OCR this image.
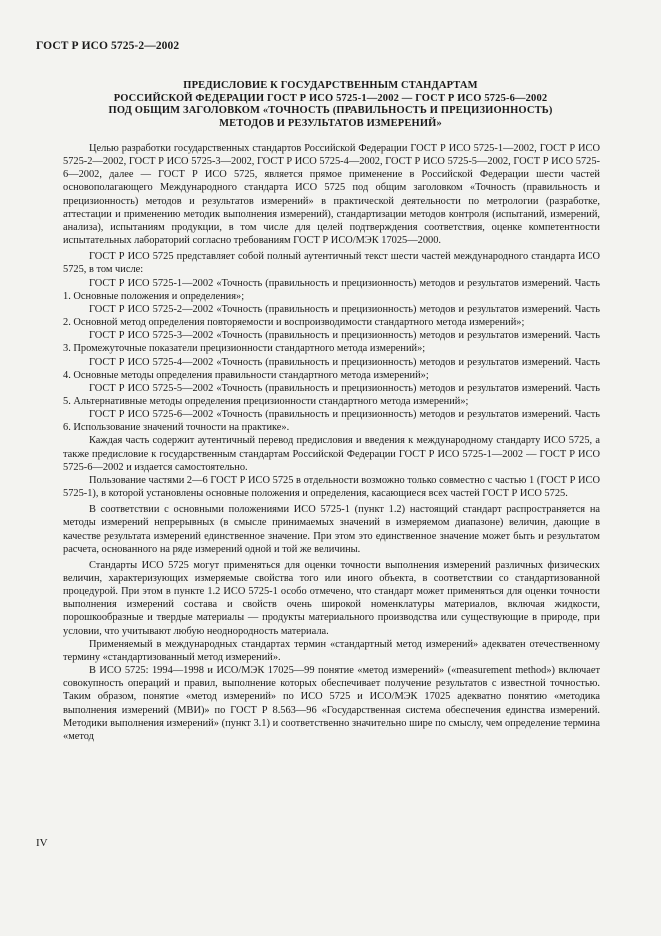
ГОСТ Р ИСО 5725-2—2002
ПРЕДИСЛОВИЕ К ГОСУДАРСТВЕННЫМ СТАНДАРТАМ
РОССИЙСКОЙ ФЕДЕРАЦИИ ГОСТ Р ИСО 5725-1—2002 — ГОСТ Р ИСО 5725-6—2002
ПОД ОБЩИМ ЗАГОЛОВКОМ «ТОЧНОСТЬ (ПРАВИЛЬНОСТЬ И ПРЕЦИЗИОННОСТЬ)
МЕТОДОВ И РЕЗУЛЬТАТОВ ИЗМЕРЕНИЙ»

Целью разработки государственных стандартов Российской Федерации ГОСТ Р ИСО 5725-1—2002, ГОСТ Р ИСО 5725-2—2002, ГОСТ Р ИСО 5725-3—2002, ГОСТ Р ИСО 5725-4—2002, ГОСТ Р ИСО 5725-5—2002, ГОСТ Р ИСО 5725-6—2002, далее — ГОСТ Р ИСО 5725, является прямое применение в Российской Федерации шести частей основополагающего Международного стандарта ИСО 5725 под общим заголовком «Точность (правильность и прецизионность) методов и результатов измерений» в практической деятельности по метрологии (разработке, аттестации и применению методик выполнения измерений), стандартизации методов контроля (испытаний, измерений, анализа), испытаниям продукции, в том числе для целей подтверждения соответствия, оценке компетентности испытательных лабораторий согласно требованиям ГОСТ Р ИСО/МЭК 17025—2000.

ГОСТ Р ИСО 5725 представляет собой полный аутентичный текст шести частей международного стандарта ИСО 5725, в том числе:

ГОСТ Р ИСО 5725-1—2002 «Точность (правильность и прецизионность) методов и результатов измерений. Часть 1. Основные положения и определения»;

ГОСТ Р ИСО 5725-2—2002 «Точность (правильность и прецизионность) методов и результатов измерений. Часть 2. Основной метод определения повторяемости и воспроизводимости стандартного метода измерений»;

ГОСТ Р ИСО 5725-3—2002 «Точность (правильность и прецизионность) методов и результатов измерений. Часть 3. Промежуточные показатели прецизионности стандартного метода измерений»;

ГОСТ Р ИСО 5725-4—2002 «Точность (правильность и прецизионность) методов и результатов измерений. Часть 4. Основные методы определения правильности стандартного метода измерений»;

ГОСТ Р ИСО 5725-5—2002 «Точность (правильность и прецизионность) методов и результатов измерений. Часть 5. Альтернативные методы определения прецизионности стандартного метода измерений»;

ГОСТ Р ИСО 5725-6—2002 «Точность (правильность и прецизионность) методов и результатов измерений. Часть 6. Использование значений точности на практике».

Каждая часть содержит аутентичный перевод предисловия и введения к международному стандарту ИСО 5725, а также предисловие к государственным стандартам Российской Федерации ГОСТ Р ИСО 5725-1—2002 — ГОСТ Р ИСО 5725-6—2002 и издается самостоятельно.

Пользование частями 2—6 ГОСТ Р ИСО 5725 в отдельности возможно только совместно с частью 1 (ГОСТ Р ИСО 5725-1), в которой установлены основные положения и определения, касающиеся всех частей ГОСТ Р ИСО 5725.

В соответствии с основными положениями ИСО 5725-1 (пункт 1.2) настоящий стандарт распространяется на методы измерений непрерывных (в смысле принимаемых значений в измеряемом диапазоне) величин, дающие в качестве результата измерений единственное значение. При этом это единственное значение может быть и результатом расчета, основанного на ряде измерений одной и той же величины.

Стандарты ИСО 5725 могут применяться для оценки точности выполнения измерений различных физических величин, характеризующих измеряемые свойства того или иного объекта, в соответствии со стандартизованной процедурой. При этом в пункте 1.2 ИСО 5725-1 особо отмечено, что стандарт может применяться для оценки точности выполнения измерений состава и свойств очень широкой номенклатуры материалов, включая жидкости, порошкообразные и твердые материалы — продукты материального производства или существующие в природе, при условии, что учитывают любую неоднородность материала.

Применяемый в международных стандартах термин «стандартный метод измерений» адекватен отечественному термину «стандартизованный метод измерений».

В ИСО 5725: 1994—1998 и ИСО/МЭК 17025—99 понятие «метод измерений» («measurement method») включает совокупность операций и правил, выполнение которых обеспечивает получение результатов с известной точностью. Таким образом, понятие «метод измерений» по ИСО 5725 и ИСО/МЭК 17025 адекватно понятию «методика выполнения измерений (МВИ)» по ГОСТ Р 8.563—96 «Государственная система обеспечения единства измерений. Методики выполнения измерений» (пункт 3.1) и соответственно значительно шире по смыслу, чем определение термина «метод

IV
